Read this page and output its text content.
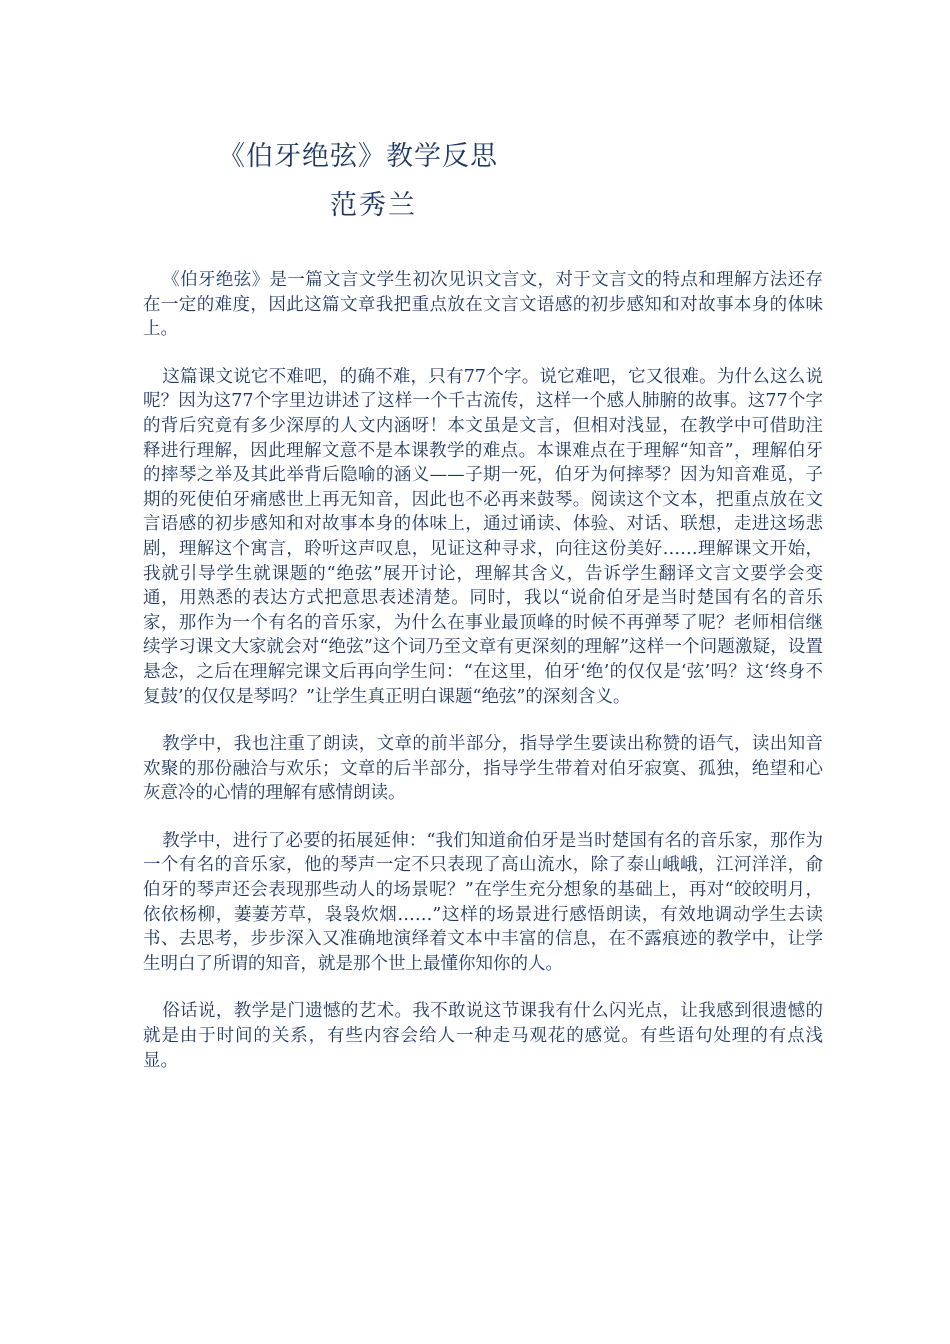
《伯牙绝弦》教学反思
范秀兰

《伯牙绝弦》是一篇文言文学生初次见识文言文，对于文言文的特点和理解方法还存在一定的难度，因此这篇文章我把重点放在文言文语感的初步感知和对故事本身的体味上。

这篇课文说它不难吧，的确不难，只有77个字。说它难吧，它又很难。为什么这么说呢？因为这77个字里边讲述了这样一个千古流传，这样一个感人肺腑的故事。这77个字的背后究竟有多少深厚的人文内涵呀！本文虽是文言，但相对浅显，在教学中可借助注释进行理解，因此理解文意不是本课教学的难点。本课难点在于理解“知音”，理解伯牙的摔琴之举及其此举背后隐喻的涵义——子期一死，伯牙为何摔琴？因为知音难觅，子期的死使伯牙痛感世上再无知音，因此也不必再来鼓琴。阅读这个文本，把重点放在文言语感的初步感知和对故事本身的体味上，通过诵读、体验、对话、联想，走进这场悲剧，理解这个寓言，聆听这声叹息，见证这种寻求，向往这份美好……理解课文开始，我就引导学生就课题的“绝弦”展开讨论，理解其含义，告诉学生翻译文言文要学会变通，用熟悉的表达方式把意思表述清楚。同时，我以“说俞伯牙是当时楚国有名的音乐家，那作为一个有名的音乐家，为什么在事业最顶峰的时候不再弹琴了呢？老师相信继续学习课文大家就会对“绝弦”这个词乃至文章有更深刻的理解”这样一个问题激疑，设置悬念，之后在理解完课文后再向学生问：“在这里，伯牙‘绝’的仅仅是‘弦’吗？这‘终身不复鼓’的仅仅是琴吗？”让学生真正明白课题“绝弦”的深刻含义。

教学中，我也注重了朗读，文章的前半部分，指导学生要读出称赞的语气，读出知音欢聚的那份融洽与欢乐；文章的后半部分，指导学生带着对伯牙寂寞、孤独，绝望和心灰意冷的心情的理解有感情朗读。

教学中，进行了必要的拓展延伸：“我们知道俞伯牙是当时楚国有名的音乐家，那作为一个有名的音乐家，他的琴声一定不只表现了高山流水，除了泰山峨峨，江河洋洋，俞伯牙的琴声还会表现那些动人的场景呢？”在学生充分想象的基础上，再对“皎皎明月，依依杨柳，萋萋芳草，袅袅炊烟……”这样的场景进行感悟朗读，有效地调动学生去读书、去思考，步步深入又准确地演绎着文本中丰富的信息，在不露痕迹的教学中，让学生明白了所谓的知音，就是那个世上最懂你知你的人。

俗话说，教学是门遗憾的艺术。我不敢说这节课我有什么闪光点，让我感到很遗憾的就是由于时间的关系，有些内容会给人一种走马观花的感觉。有些语句处理的有点浅显。
